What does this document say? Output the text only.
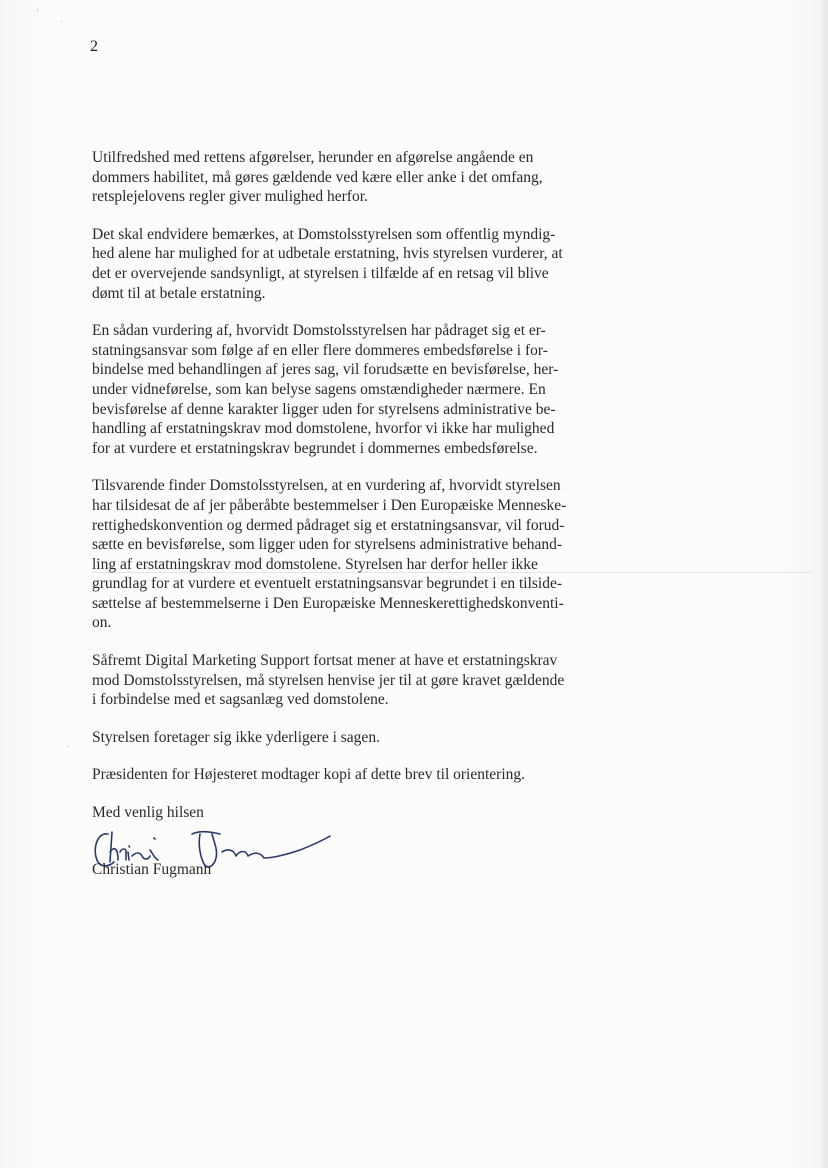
2

Utilfredshed med rettens afgørelser, herunder en afgørelse angående en
dommers habilitet, må gøres gældende ved kære eller anke i det omfang,
retsplejelovens regler giver mulighed herfor.

Det skal endvidere bemærkes, at Domstolsstyrelsen som offentlig myndig-
hed alene har mulighed for at udbetale erstatning, hvis styrelsen vurderer, at
det er overvejende sandsynligt, at styrelsen i tilfælde af en retsag vil blive
dømt til at betale erstatning.

En sådan vurdering af, hvorvidt Domstolsstyrelsen har pådraget sig et er-
statningsansvar som følge af en eller flere dommeres embedsførelse i for-
bindelse med behandlingen af jeres sag, vil forudsætte en bevisførelse, her-
under vidneførelse, som kan belyse sagens omstændigheder nærmere. En
bevisførelse af denne karakter ligger uden for styrelsens administrative be-
handling af erstatningskrav mod domstolene, hvorfor vi ikke har mulighed
for at vurdere et erstatningskrav begrundet i dommernes embedsførelse.

Tilsvarende finder Domstolsstyrelsen, at en vurdering af, hvorvidt styrelsen
har tilsidesat de af jer påberåbte bestemmelser i Den Europæiske Menneske-
rettighedskonvention og dermed pådraget sig et erstatningsansvar, vil forud-
sætte en bevisførelse, som ligger uden for styrelsens administrative behand-
ling af erstatningskrav mod domstolene. Styrelsen har derfor heller ikke
grundlag for at vurdere et eventuelt erstatningsansvar begrundet i en tilside-
sættelse af bestemmelserne i Den Europæiske Menneskerettighedskonventi-
on.

Såfremt Digital Marketing Support fortsat mener at have et erstatningskrav
mod Domstolsstyrelsen, må styrelsen henvise jer til at gøre kravet gældende
i forbindelse med et sagsanlæg ved domstolene.

Styrelsen foretager sig ikke yderligere i sagen.

Præsidenten for Højesteret modtager kopi af dette brev til orientering.

Med venlig hilsen

Christian Fugmann
ʼ ˎ
·
